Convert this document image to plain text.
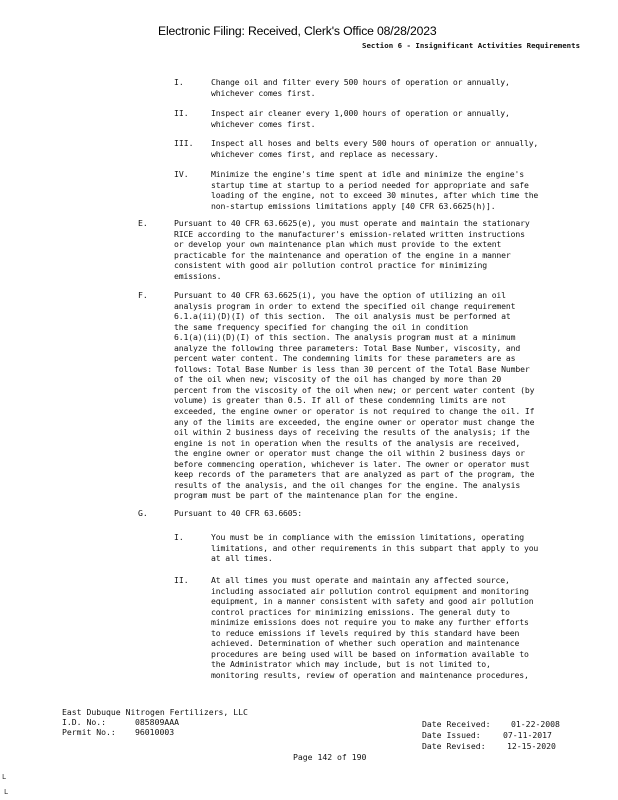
Electronic Filing: Received, Clerk's Office 08/28/2023
Section 6 - Insignificant Activities Requirements
I.	Change oil and filter every 500 hours of operation or annually,
whichever comes first.
II.	Inspect air cleaner every 1,000 hours of operation or annually,
whichever comes first.
III. Inspect all hoses and belts every 500 hours of operation or annually,
whichever comes first, and replace as necessary.
IV.	Minimize the engine's time spent at idle and minimize the engine's
startup time at startup to a period needed for appropriate and safe
loading of the engine, not to exceed 30 minutes, after which time the
non-startup emissions limitations apply [40 CFR 63.6625(h)].
E.	Pursuant to 40 CFR 63.6625(e), you must operate and maintain the stationary
RICE according to the manufacturer's emission-related written instructions
or develop your own maintenance plan which must provide to the extent
practicable for the maintenance and operation of the engine in a manner
consistent with good air pollution control practice for minimizing
emissions.
F.	Pursuant to 40 CFR 63.6625(i), you have the option of utilizing an oil
analysis program in order to extend the specified oil change requirement
6.1.a(ii)(D)(I) of this section.  The oil analysis must be performed at
the same frequency specified for changing the oil in condition
6.1(a)(ii)(D)(I) of this section. The analysis program must at a minimum
analyze the following three parameters: Total Base Number, viscosity, and
percent water content. The condemning limits for these parameters are as
follows: Total Base Number is less than 30 percent of the Total Base Number
of the oil when new; viscosity of the oil has changed by more than 20
percent from the viscosity of the oil when new; or percent water content (by
volume) is greater than 0.5. If all of these condemning limits are not
exceeded, the engine owner or operator is not required to change the oil. If
any of the limits are exceeded, the engine owner or operator must change the
oil within 2 business days of receiving the results of the analysis; if the
engine is not in operation when the results of the analysis are received,
the engine owner or operator must change the oil within 2 business days or
before commencing operation, whichever is later. The owner or operator must
keep records of the parameters that are analyzed as part of the program, the
results of the analysis, and the oil changes for the engine. The analysis
program must be part of the maintenance plan for the engine.
G.	Pursuant to 40 CFR 63.6605:
I.	You must be in compliance with the emission limitations, operating
limitations, and other requirements in this subpart that apply to you
at all times.
II.	At all times you must operate and maintain any affected source,
including associated air pollution control equipment and monitoring
equipment, in a manner consistent with safety and good air pollution
control practices for minimizing emissions. The general duty to
minimize emissions does not require you to make any further efforts
to reduce emissions if levels required by this standard have been
achieved. Determination of whether such operation and maintenance
procedures are being used will be based on information available to
the Administrator which may include, but is not limited to,
monitoring results, review of operation and maintenance procedures,
East Dubuque Nitrogen Fertilizers, LLC
I.D. No.:	085809AAA
Permit No.: 96010003
Date Received:	01-22-2008
Date Issued:	07-11-2017
Date Revised:	12-15-2020
Page 142 of 190
L
L
